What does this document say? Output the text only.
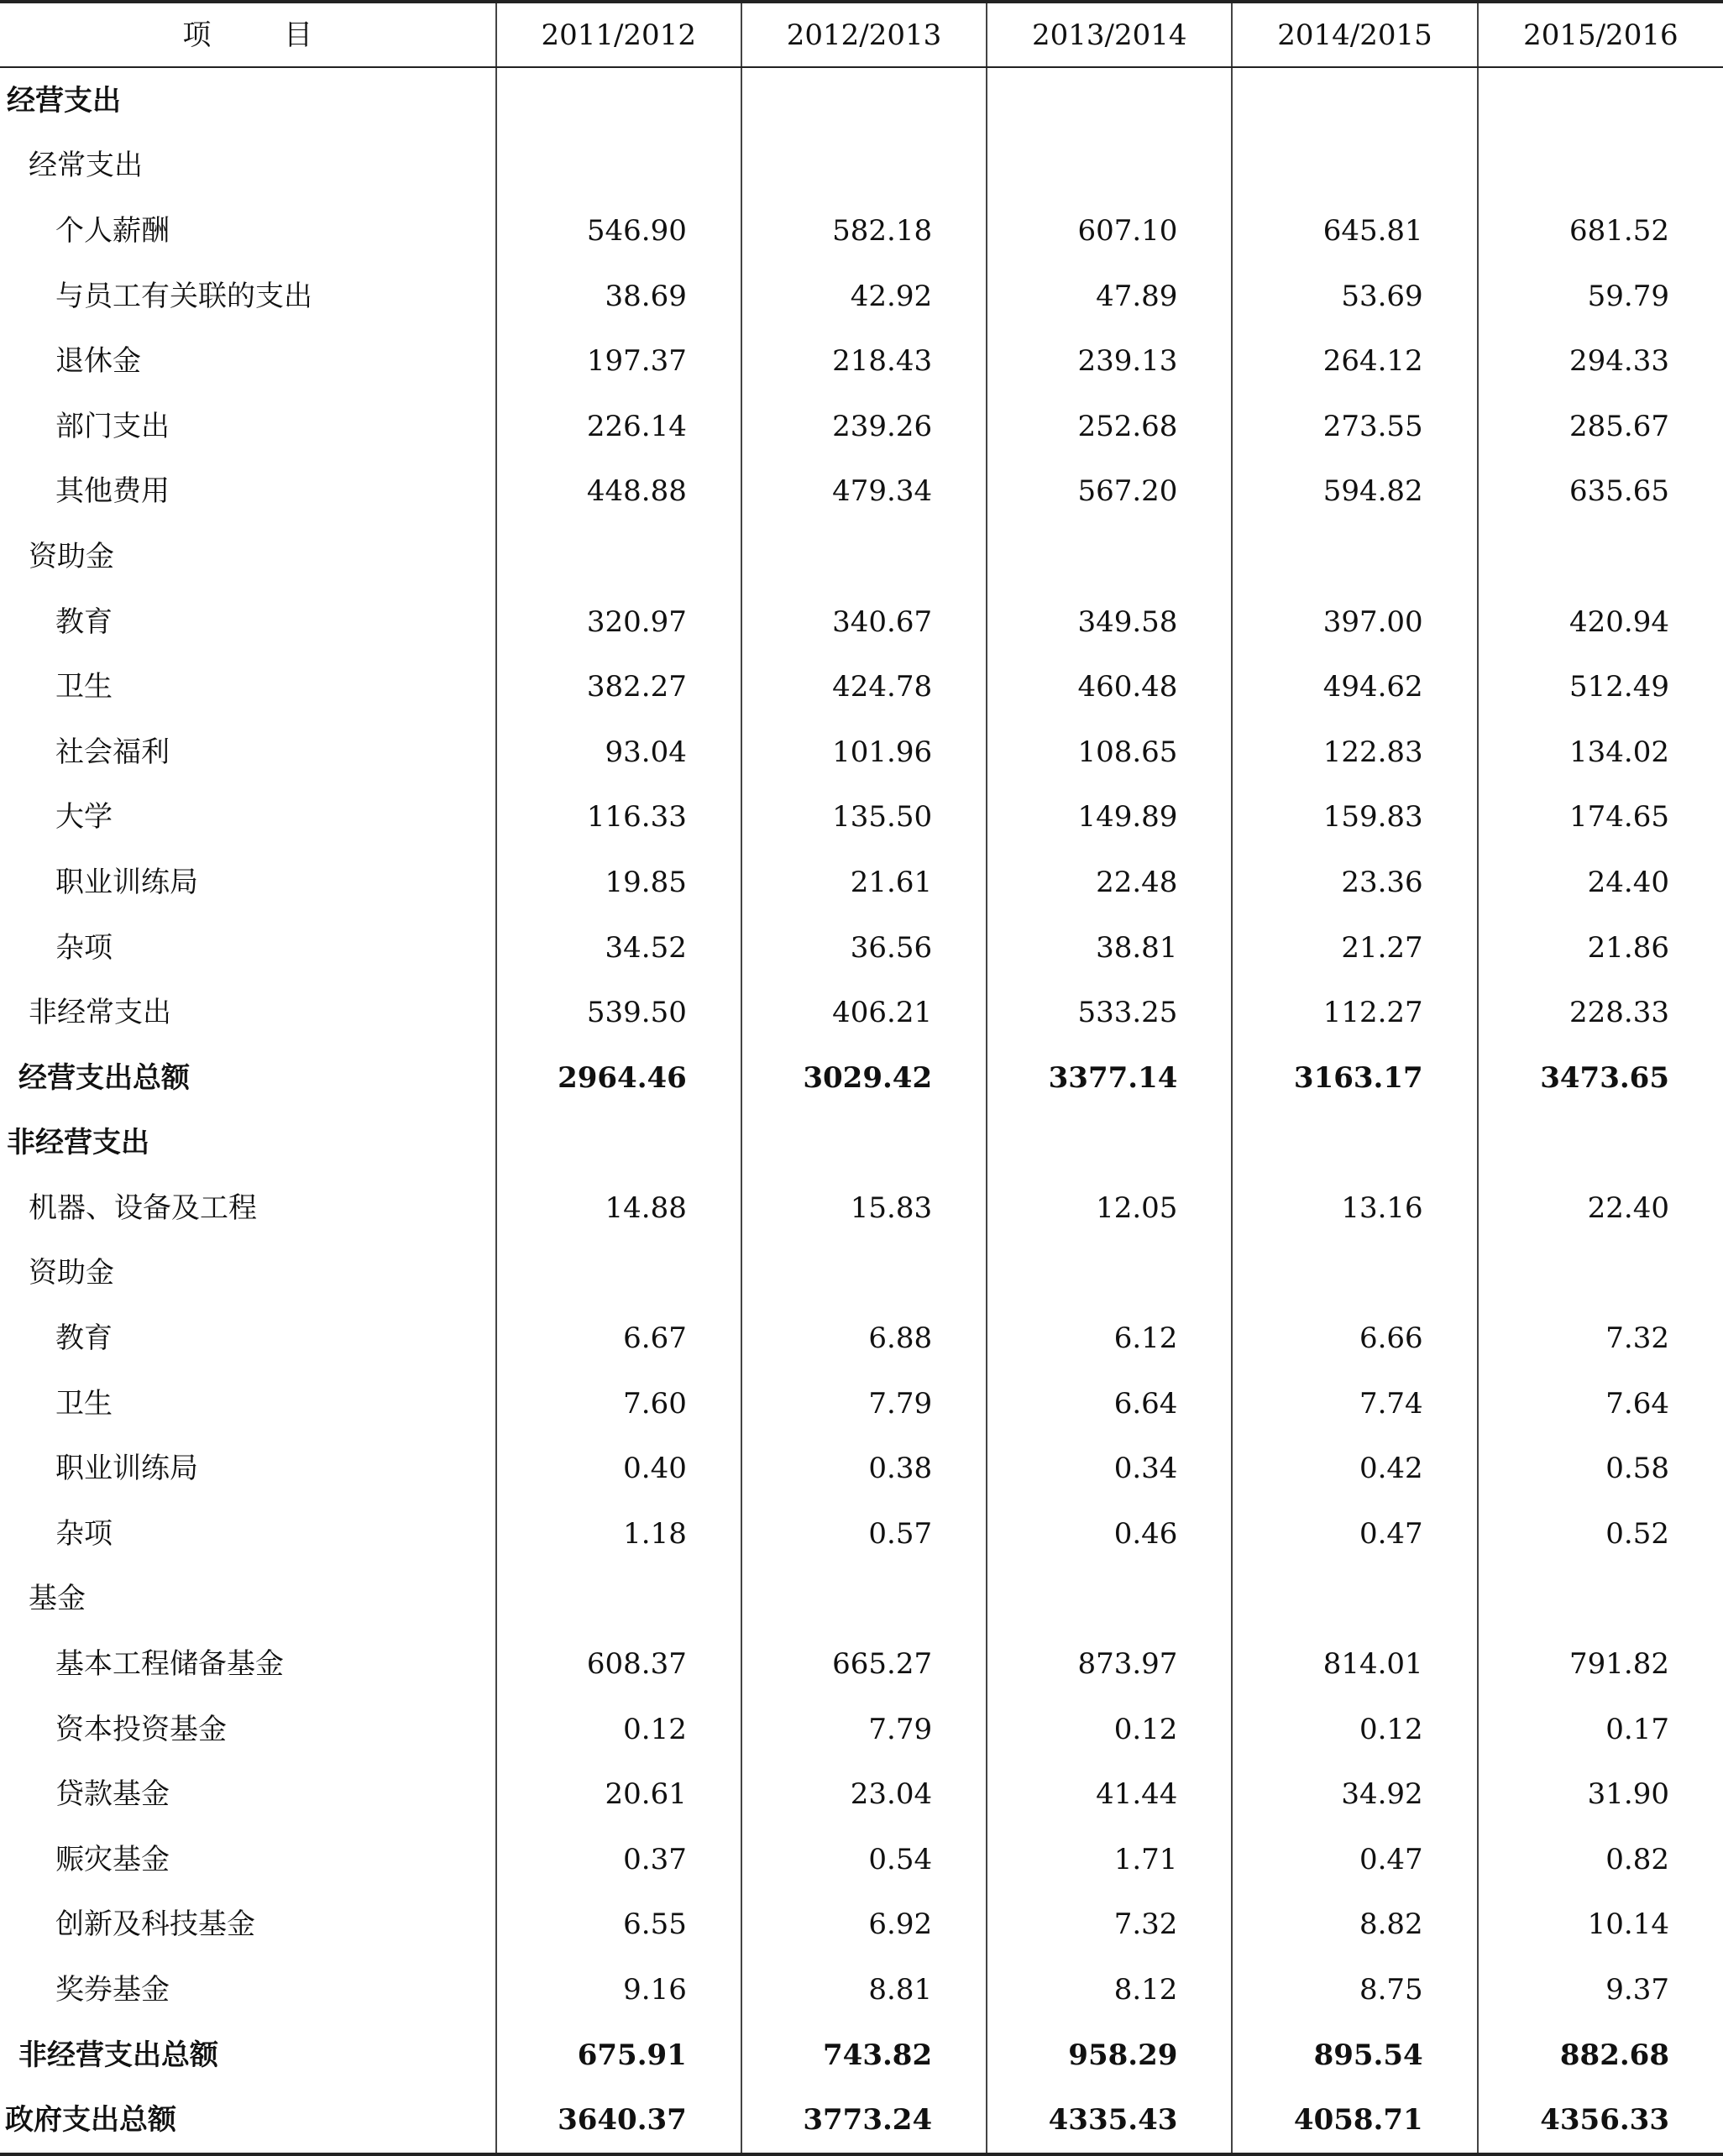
项 目	2011/2012	2012/2013	2013/2014	2014/2015	2015/2016
经营支出					
经常支出					
个人薪酬	546.90	582.18	607.10	645.81	681.52
与员工有关联的支出	38.69	42.92	47.89	53.69	59.79
退休金	197.37	218.43	239.13	264.12	294.33
部门支出	226.14	239.26	252.68	273.55	285.67
其他费用	448.88	479.34	567.20	594.82	635.65
资助金					
教育	320.97	340.67	349.58	397.00	420.94
卫生	382.27	424.78	460.48	494.62	512.49
社会福利	93.04	101.96	108.65	122.83	134.02
大学	116.33	135.50	149.89	159.83	174.65
职业训练局	19.85	21.61	22.48	23.36	24.40
杂项	34.52	36.56	38.81	21.27	21.86
非经常支出	539.50	406.21	533.25	112.27	228.33
经营支出总额	2964.46	3029.42	3377.14	3163.17	3473.65
非经营支出					
机器、设备及工程	14.88	15.83	12.05	13.16	22.40
资助金					
教育	6.67	6.88	6.12	6.66	7.32
卫生	7.60	7.79	6.64	7.74	7.64
职业训练局	0.40	0.38	0.34	0.42	0.58
杂项	1.18	0.57	0.46	0.47	0.52
基金					
基本工程储备基金	608.37	665.27	873.97	814.01	791.82
资本投资基金	0.12	7.79	0.12	0.12	0.17
贷款基金	20.61	23.04	41.44	34.92	31.90
赈灾基金	0.37	0.54	1.71	0.47	0.82
创新及科技基金	6.55	6.92	7.32	8.82	10.14
奖券基金	9.16	8.81	8.12	8.75	9.37
非经营支出总额	675.91	743.82	958.29	895.54	882.68
政府支出总额	3640.37	3773.24	4335.43	4058.71	4356.33
